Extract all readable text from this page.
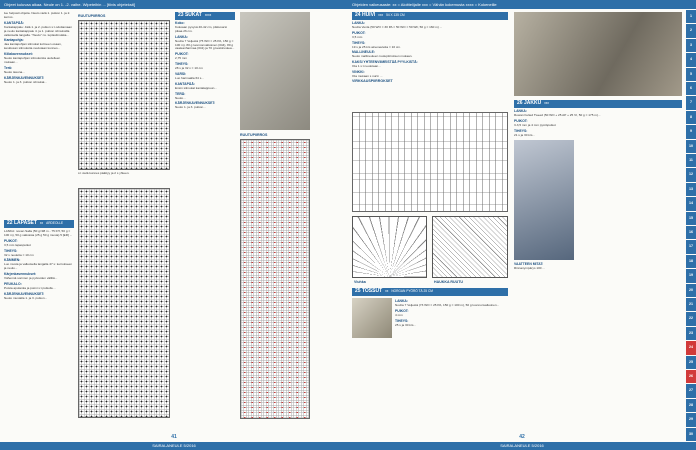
Ohjeet kuluvaa aikaa. Neule on 1. -2. vaihe. Wipeteihin ... [tiivis ohjeteksti]
lue helposti ohjeita. Neulo vielä 1. puikon 1. ja 2. kerros.
KANTAPÄÄ:
Kantakappale: Jätä 1. ja 2. puikon s:t odottamaan ja neulo kantakappale 4. ja 1. puikon silmukoilla valkoisella langalla. "Neulo" ns. tuplasilmukka...
Kantapohja:
Jaa kantapohjan silmukat kolmeen osaan, keskiosan silmukoita neulotaan kunnes...
Kiilakavennukset:
Neulo kantapohjan silmukoista uudelleen mukaan...
Terä:
Neulo tasona...
KÄRJENKAVENNUKSET:
Neulo 1. ja 3. puikon silmukat...
22
LAPASET xx ARDEOLLE
LANKA: novan Salla (50 g=98 m - 75 FH, 50 g = 100 m), 50 g valkoista (25 g 50 g musta) 5 [ER] ...
PUIKOT:
3,5 mm lapaspuikot
TIHEYS:
32 s neuletta = 10 cm
KÄMMEN:
Luo musta ja valkoisella langalla 47 s: kerrokseen ja neulo...
Kärjenkavennukset:
Vähennä sormien ja pyöreiden väliltä...
PEUKALO:
Poista apulanka ja poimi s:t puikolle...
KÄRJENKAVENNUKSET:
Neulo mustalla 1. ja 3. puikon...
RUUTUPIIRROS
s:t vielä kunnes päättyy ja 2 s yhteen.
23
SUKAT xxxx
Koko:
Kokoaan pysyvä 40-42 cm, pikkuvarsi pikaa 26 cm.
LANKA:
Novita 7 Veljestä (75 WO = 25 PA, 150 g = 100 m). 80 g luonnonvalkoinen (044), 80 g vaaleanharmaa (041) ja 70 g keskiruskea...
PUIKOT:
2,75 mm
TIHEYS:
28 s ja 32 x = 10 cm
VARSI:
Luo harmaalla 64 s...
KANTAPÄÄ:
Ensin silmukat kantalappuun...
TERÄ:
Neulo...
KÄRJENKAVENNUKSET:
Neulo 1. ja 3. puikon...
RUUTUPIIRROS
41
SAIRALANEULE 5/2016
Ohjeiden vaikeusaste: xx = Aloittelijalle xxx = Vähän kokemusta xxxx = Kokeneille
24
HUIVI xxx 54 X 135 CM
LANKA:
Novita Venla (50 WO = 30 PA = 50 WO = 50 WF, 50 g = 160 m) ...
PUIKOT:
3,5 mm
TIHEYS:
19 s ja 25 krs aineneuletta = 10 cm.
MALLINEULE:
Neulo mallineuleen ruutupiirroksen mukaan.
KAKSI YHTEENVIIMEISTÄÄ PYYLKISTÄ:
Ota 1 s:t neulotaan...
VINKKI:
Ota mukaan s nurin ...
VIRKKAUSPIIRROKSET
Viuhka	HAUKKA RUUTU
25
TOSSUT xx NORGAN PYÖRÖ TÄ 25 CM
LANKA:
Novita 7 Veljestä (73 WO = 25 PA, 150 g = 100 m), 50 g luonnonvalkoinen...
PUIKOT:
4 mm
TIHEYS:
25 s ja 30 krs...
26
JAKKU xxx
LANKA:
Rowan Felted Tweed (50 WO + 25 AP + 25 VI, 50 g = 175 m)...
PUIKOT:
3-3,5 mm ja 4 mm pyöröpuikot
TIHEYS:
21 s ja 30 krs...
VAATTEEN MITAT:
Rinnanympärys 100 ...
1
2
3
4
5
6
7
8
9
10
11
12
13
14
15
16
17
18
19
20
21
22
23
24
25
26
27
28
29
30
42
SAIRALANEULE 5/2016
